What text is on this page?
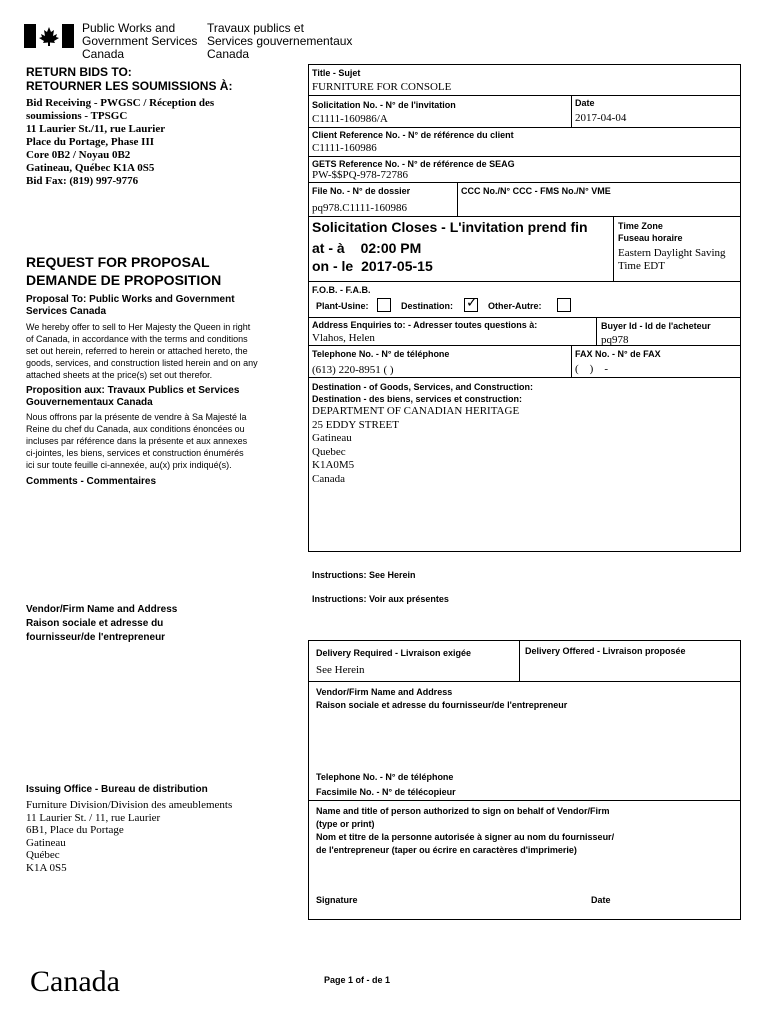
Public Works and
Government Services
Canada
Travaux publics et
Services gouvernementaux
Canada
RETURN BIDS TO:
RETOURNER LES SOUMISSIONS À:
Bid Receiving - PWGSC / Réception des
soumissions - TPSGC
11 Laurier St./11, rue Laurier
Place du Portage, Phase III
Core 0B2 / Noyau 0B2
Gatineau, Québec K1A 0S5
Bid Fax: (819) 997-9776
REQUEST FOR PROPOSAL
DEMANDE DE PROPOSITION
Proposal To: Public Works and Government
Services Canada
We hereby offer to sell to Her Majesty the Queen in right
of Canada, in accordance with the terms and conditions
set out herein, referred to herein or attached hereto, the
goods, services, and construction listed herein and on any
attached sheets at the price(s) set out therefor.
Proposition aux: Travaux Publics et Services
Gouvernementaux Canada
Nous offrons par la présente de vendre à Sa Majesté la
Reine du chef du Canada, aux conditions énoncées ou
incluses par référence dans la présente et aux annexes
ci-jointes, les biens, services et construction énumérés
ici sur toute feuille ci-annexée, au(x) prix indiqué(s).
Comments - Commentaires
Vendor/Firm Name and Address
Raison sociale et adresse du
fournisseur/de l'entrepreneur
Issuing Office - Bureau de distribution
Furniture Division/Division des ameublements
11 Laurier St. / 11, rue Laurier
6B1, Place du Portage
Gatineau
Québec
K1A 0S5
Canada
Title - Sujet
FURNITURE FOR CONSOLE
Solicitation No. - N° de l'invitation
C1111-160986/A
Date
2017-04-04
Client Reference No. - N° de référence du client
C1111-160986
GETS Reference No. - N° de référence de SEAG
PW-$$PQ-978-72786
File No. - N° de dossier
pq978.C1111-160986
CCC No./N° CCC - FMS No./N° VME
Solicitation Closes - L'invitation prend fin
at - à 02:00 PM
on - le 2017-05-15
Time Zone
Fuseau horaire
Eastern Daylight Saving
Time EDT
F.O.B. - F.A.B.
Plant-Usine:	Destination: ✓ Other-Autre:
Address Enquiries to: - Adresser toutes questions à:
Vlahos, Helen
Buyer Id - Id de l'acheteur
pq978
Telephone No. - N° de téléphone
(613) 220-8951 ( )
FAX No. - N° de FAX
(    )    -
Destination - of Goods, Services, and Construction:
Destination - des biens, services et construction:
DEPARTMENT OF CANADIAN HERITAGE
25 EDDY STREET
Gatineau
Quebec
K1A0M5
Canada
Instructions: See Herein
Instructions: Voir aux présentes
Delivery Required - Livraison exigée
See Herein
Delivery Offered - Livraison proposée
Vendor/Firm Name and Address
Raison sociale et adresse du fournisseur/de l'entrepreneur
Telephone No. - N° de téléphone
Facsimile No. - N° de télécopieur
Name and title of person authorized to sign on behalf of Vendor/Firm
(type or print)
Nom et titre de la personne autorisée à signer au nom du fournisseur/
de l'entrepreneur (taper ou écrire en caractères d'imprimerie)
Signature	Date
Page 1 of - de 1
